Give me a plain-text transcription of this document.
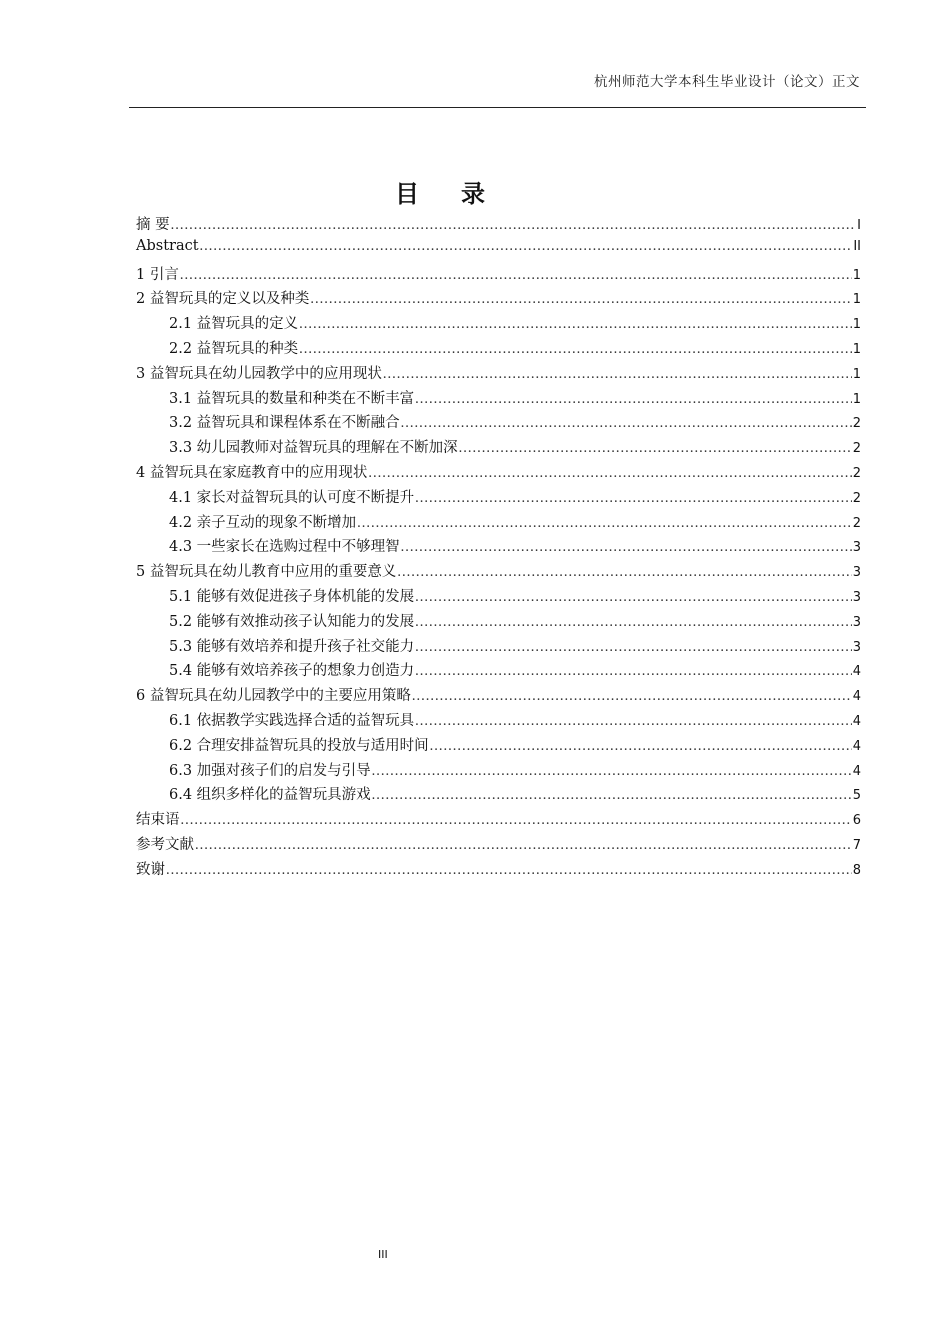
杭州师范大学本科生毕业设计（论文）正文
目录
摘 要 .....	I
Abstract .....	II
1 引言 .....	1
2 益智玩具的定义以及种类 .....	1
2.1 益智玩具的定义 .....	1
2.2 益智玩具的种类 .....	1
3 益智玩具在幼儿园教学中的应用现状 .....	1
3.1 益智玩具的数量和种类在不断丰富 .....	1
3.2 益智玩具和课程体系在不断融合 .....	2
3.3 幼儿园教师对益智玩具的理解在不断加深 .....	2
4 益智玩具在家庭教育中的应用现状 .....	2
4.1 家长对益智玩具的认可度不断提升 .....	2
4.2 亲子互动的现象不断增加 .....	2
4.3 一些家长在选购过程中不够理智 .....	3
5 益智玩具在幼儿教育中应用的重要意义 .....	3
5.1 能够有效促进孩子身体机能的发展 .....	3
5.2 能够有效推动孩子认知能力的发展 .....	3
5.3 能够有效培养和提升孩子社交能力 .....	3
5.4 能够有效培养孩子的想象力创造力 .....	4
6 益智玩具在幼儿园教学中的主要应用策略 .....	4
6.1 依据教学实践选择合适的益智玩具 .....	4
6.2 合理安排益智玩具的投放与适用时间 .....	4
6.3 加强对孩子们的启发与引导 .....	4
6.4 组织多样化的益智玩具游戏 .....	5
结束语 .....	6
参考文献 .....	7
致谢 .....	8
III
